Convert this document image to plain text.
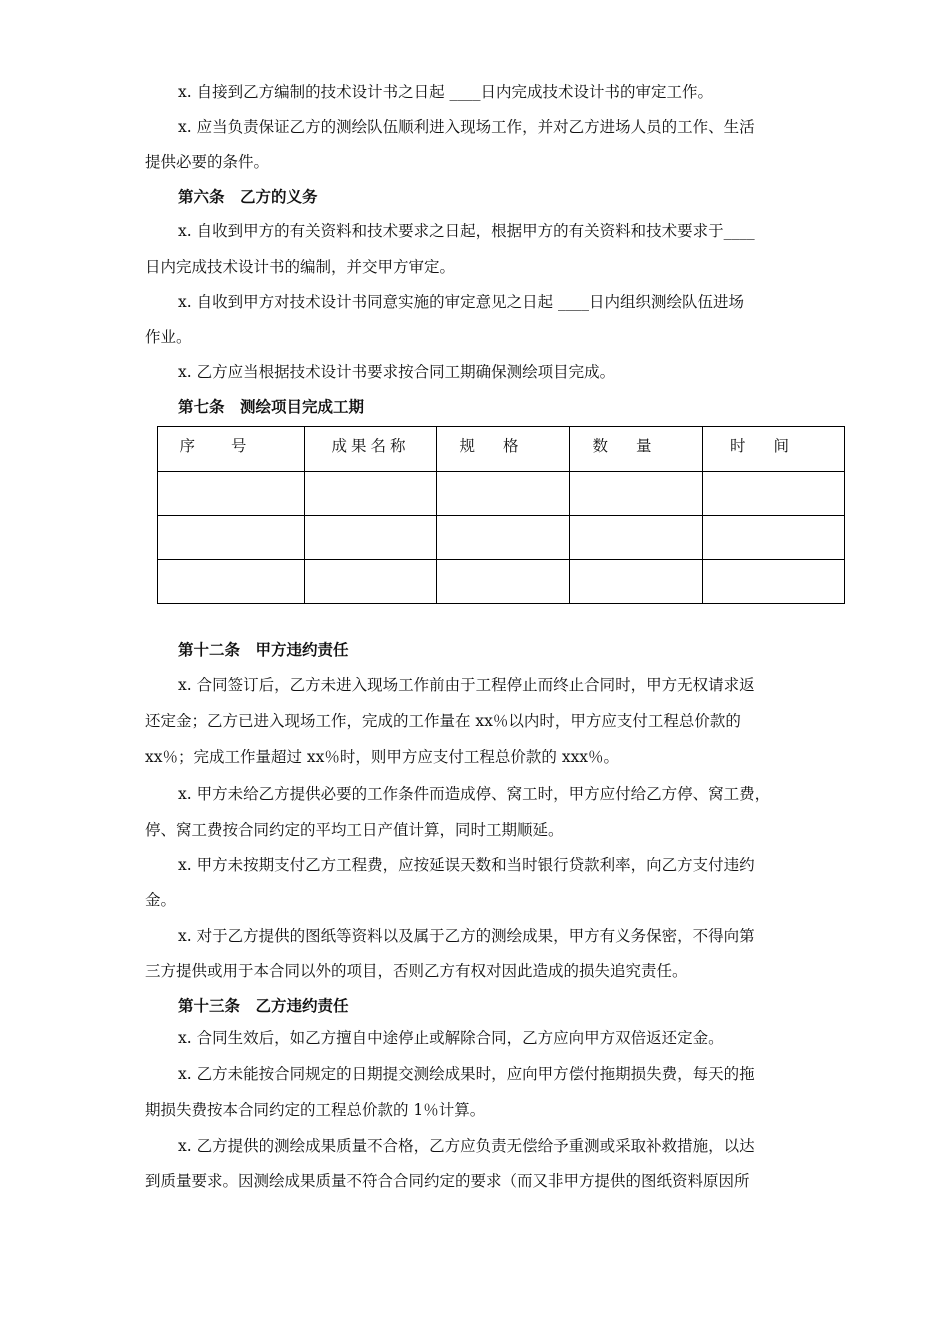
x. 自接到乙方编制的技术设计书之日起 ____日内完成技术设计书的审定工作。
x. 应当负责保证乙方的测绘队伍顺利进入现场工作，并对乙方进场人员的工作、生活
提供必要的条件。
第六条　乙方的义务
x. 自收到甲方的有关资料和技术要求之日起，根据甲方的有关资料和技术要求于____
日内完成技术设计书的编制，并交甲方审定。
x. 自收到甲方对技术设计书同意实施的审定意见之日起 ____日内组织测绘队伍进场
作业。
x. 乙方应当根据技术设计书要求按合同工期确保测绘项目完成。
第七条　测绘项目完成工期
序号	成果名称	规格	数量	时间

第十二条　甲方违约责任
x. 合同签订后，乙方未进入现场工作前由于工程停止而终止合同时，甲方无权请求返
还定金；乙方已进入现场工作，完成的工作量在 xx％以内时，甲方应支付工程总价款的
xx％；完成工作量超过 xx％时，则甲方应支付工程总价款的 xxx％。
x. 甲方未给乙方提供必要的工作条件而造成停、窝工时，甲方应付给乙方停、窝工费，
停、窝工费按合同约定的平均工日产值计算，同时工期顺延。
x. 甲方未按期支付乙方工程费，应按延误天数和当时银行贷款利率，向乙方支付违约
金。
x. 对于乙方提供的图纸等资料以及属于乙方的测绘成果，甲方有义务保密，不得向第
三方提供或用于本合同以外的项目，否则乙方有权对因此造成的损失追究责任。
第十三条　乙方违约责任
x. 合同生效后，如乙方擅自中途停止或解除合同，乙方应向甲方双倍返还定金。
x. 乙方未能按合同规定的日期提交测绘成果时，应向甲方偿付拖期损失费，每天的拖
期损失费按本合同约定的工程总价款的 1％计算。
x. 乙方提供的测绘成果质量不合格，乙方应负责无偿给予重测或采取补救措施，以达
到质量要求。因测绘成果质量不符合合同约定的要求（而又非甲方提供的图纸资料原因所
